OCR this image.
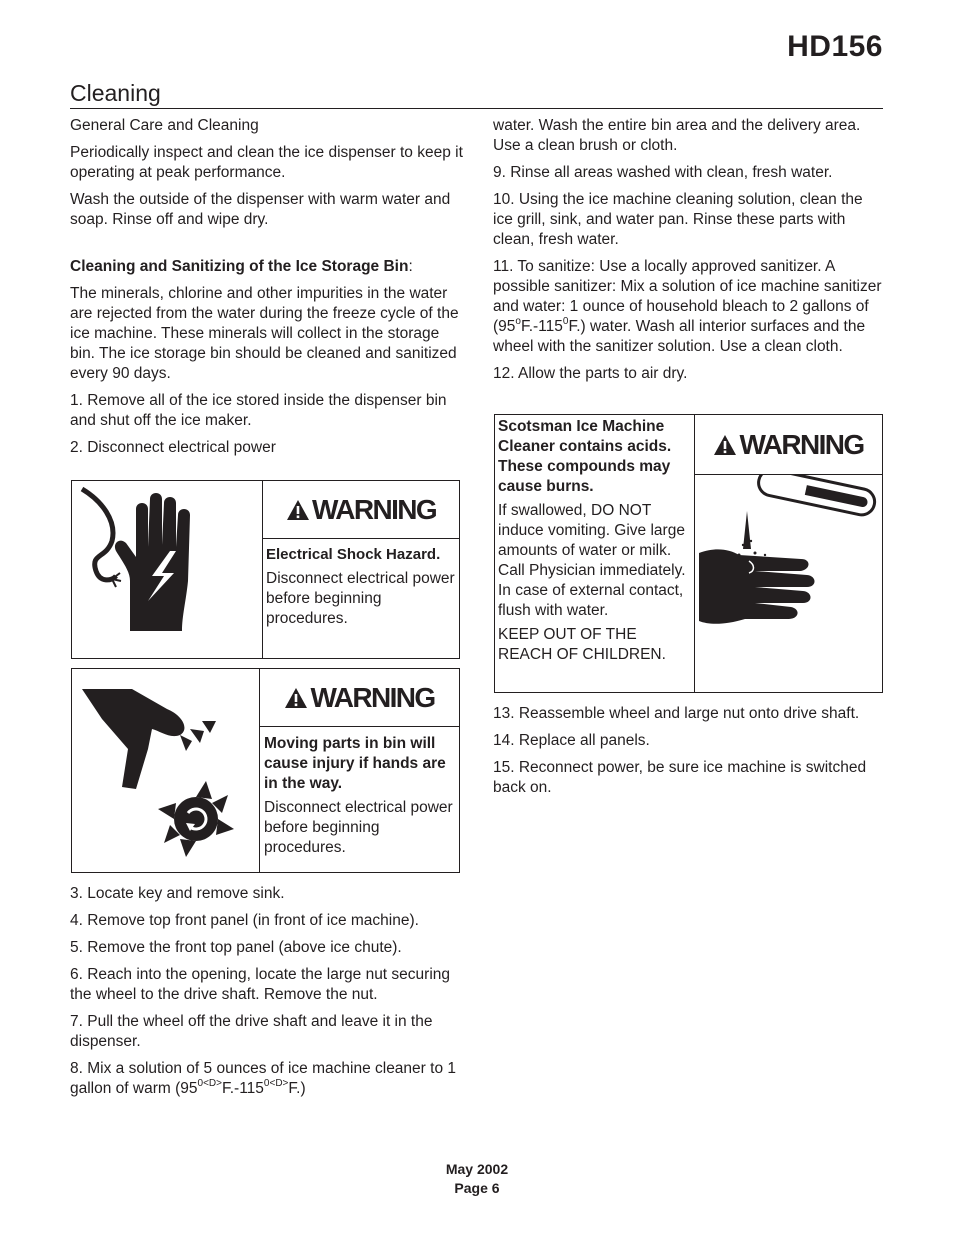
HD156
Cleaning

General Care and Cleaning

Periodically inspect and clean the ice dispenser to keep it operating at peak performance.

Wash the outside of the dispenser with warm water and soap. Rinse off and wipe dry.

Cleaning and Sanitizing of the Ice Storage Bin:

The minerals, chlorine and other impurities in the water are rejected from the water during the freeze cycle of the ice machine. These minerals will collect in the storage bin. The ice storage bin should be cleaned and sanitized every 90 days.

1. Remove all of the ice stored inside the dispenser bin and shut off the ice maker.

2. Disconnect electrical power

WARNING

Electrical Shock Hazard.

Disconnect electrical power before beginning procedures.

WARNING

Moving parts in bin will cause injury if hands are in the way.

Disconnect electrical power before beginning procedures.

3. Locate key and remove sink.

4. Remove top front panel (in front of ice machine).

5. Remove the front top panel (above ice chute).

6. Reach into the opening, locate the large nut securing the wheel to the drive shaft. Remove the nut.

7. Pull the wheel off the drive shaft and leave it in the dispenser.

8. Mix a solution of 5 ounces of ice machine cleaner to 1 gallon of warm $(95^{0<D>}F.-115^{0<D>}F.)$

water. Wash the entire bin area and the delivery area. Use a clean brush or cloth.

9. Rinse all areas washed with clean, fresh water.

10. Using the ice machine cleaning solution, clean the ice grill, sink, and water pan. Rinse these parts with clean, fresh water.

11. To sanitize: Use a locally approved sanitizer. A possible sanitizer: Mix a solution of ice machine sanitizer and water: 1 ounce of household bleach to 2 gallons of $(95^oF.-115^0F.)$ water. Wash all interior surfaces and the wheel with the sanitizer solution. Use a clean cloth.

12. Allow the parts to air dry.

Scotsman Ice Machine Cleaner contains acids. These compounds may cause burns.

If swallowed, DO NOT induce vomiting. Give large amounts of water or milk. Call Physician immediately. In case of external contact, flush with water.

KEEP OUT OF THE REACH OF CHILDREN.

WARNING

13. Reassemble wheel and large nut onto drive shaft.

14. Replace all panels.

15. Reconnect power, be sure ice machine is switched back on.

May 2002
Page 6
